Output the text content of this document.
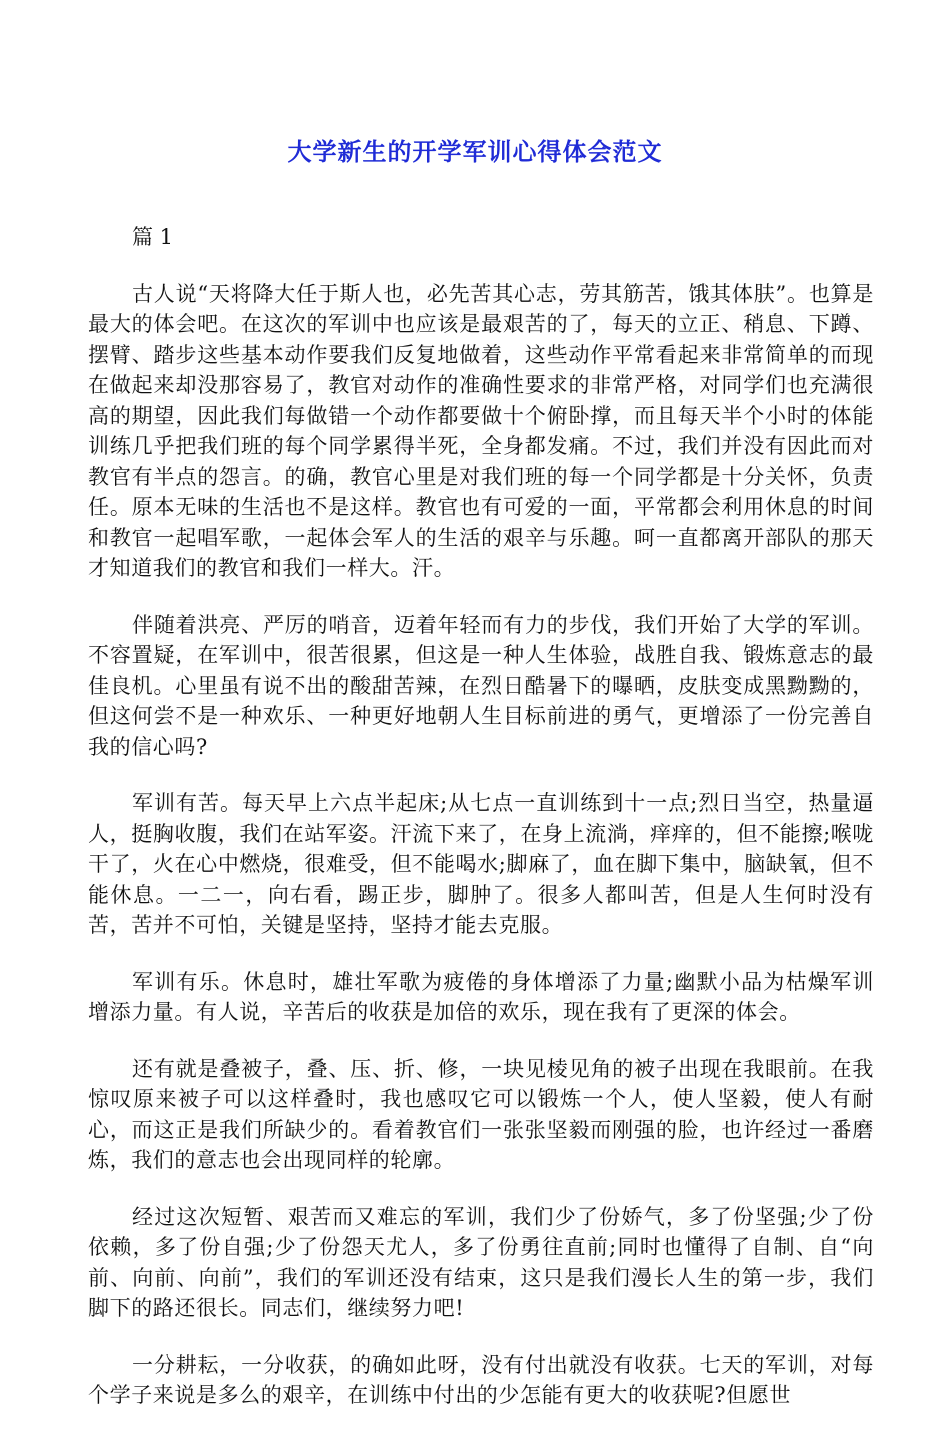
大学新生的开学军训心得体会范文

篇 1

古人说“天将降大任于斯人也，必先苦其心志，劳其筋苦，饿其体肤”。也算是最大的体会吧。在这次的军训中也应该是最艰苦的了，每天的立正、稍息、下蹲、摆臂、踏步这些基本动作要我们反复地做着，这些动作平常看起来非常简单的而现在做起来却没那容易了，教官对动作的准确性要求的非常严格，对同学们也充满很高的期望，因此我们每做错一个动作都要做十个俯卧撑，而且每天半个小时的体能训练几乎把我们班的每个同学累得半死，全身都发痛。不过，我们并没有因此而对教官有半点的怨言。的确，教官心里是对我们班的每一个同学都是十分关怀，负责任。原本无味的生活也不是这样。教官也有可爱的一面，平常都会利用休息的时间和教官一起唱军歌，一起体会军人的生活的艰辛与乐趣。呵一直都离开部队的那天才知道我们的教官和我们一样大。汗。

伴随着洪亮、严厉的哨音，迈着年轻而有力的步伐，我们开始了大学的军训。不容置疑，在军训中，很苦很累，但这是一种人生体验，战胜自我、锻炼意志的最佳良机。心里虽有说不出的酸甜苦辣，在烈日酷暑下的曝晒，皮肤变成黑黝黝的，但这何尝不是一种欢乐、一种更好地朝人生目标前进的勇气，更增添了一份完善自我的信心吗?

军训有苦。每天早上六点半起床;从七点一直训练到十一点;烈日当空，热量逼人，挺胸收腹，我们在站军姿。汗流下来了，在身上流淌，痒痒的，但不能擦;喉咙干了，火在心中燃烧，很难受，但不能喝水;脚麻了，血在脚下集中，脑缺氧，但不能休息。一二一，向右看，踢正步，脚肿了。很多人都叫苦，但是人生何时没有苦，苦并不可怕，关键是坚持，坚持才能去克服。

军训有乐。休息时，雄壮军歌为疲倦的身体增添了力量;幽默小品为枯燥军训增添力量。有人说，辛苦后的收获是加倍的欢乐，现在我有了更深的体会。

还有就是叠被子，叠、压、折、修，一块见棱见角的被子出现在我眼前。在我惊叹原来被子可以这样叠时，我也感叹它可以锻炼一个人，使人坚毅，使人有耐心，而这正是我们所缺少的。看着教官们一张张坚毅而刚强的脸，也许经过一番磨炼，我们的意志也会出现同样的轮廓。

经过这次短暂、艰苦而又难忘的军训，我们少了份娇气，多了份坚强;少了份依赖，多了份自强;少了份怨天尤人，多了份勇往直前;同时也懂得了自制、自“向前、向前、向前”，我们的军训还没有结束，这只是我们漫长人生的第一步，我们脚下的路还很长。同志们，继续努力吧!

一分耕耘，一分收获，的确如此呀，没有付出就没有收获。七天的军训，对每个学子来说是多么的艰辛，在训练中付出的少怎能有更大的收获呢?但愿世
